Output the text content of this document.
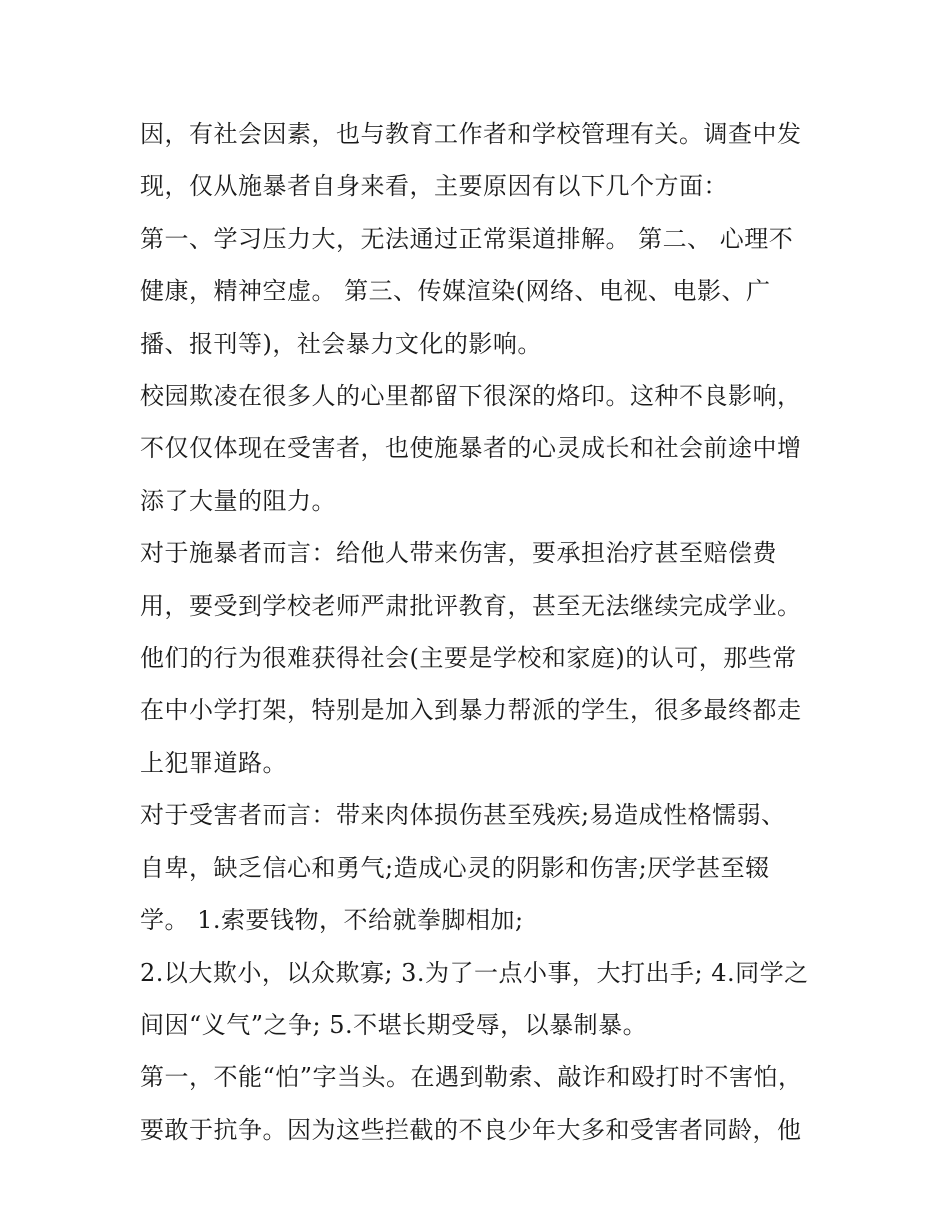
因，有社会因素，也与教育工作者和学校管理有关。调查中发
现，仅从施暴者自身来看，主要原因有以下几个方面：
第一、学习压力大，无法通过正常渠道排解。 第二、 心理不
健康，精神空虚。 第三、传媒渲染(网络、电视、电影、广
播、报刊等)，社会暴力文化的影响。
校园欺凌在很多人的心里都留下很深的烙印。这种不良影响，
不仅仅体现在受害者，也使施暴者的心灵成长和社会前途中增
添了大量的阻力。
对于施暴者而言：给他人带来伤害，要承担治疗甚至赔偿费
用，要受到学校老师严肃批评教育，甚至无法继续完成学业。
他们的行为很难获得社会(主要是学校和家庭)的认可，那些常
在中小学打架，特别是加入到暴力帮派的学生，很多最终都走
上犯罪道路。
对于受害者而言：带来肉体损伤甚至残疾;易造成性格懦弱、
自卑，缺乏信心和勇气;造成心灵的阴影和伤害;厌学甚至辍
学。 1.索要钱物，不给就拳脚相加;
2.以大欺小，以众欺寡; 3.为了一点小事，大打出手; 4.同学之
间因“义气”之争; 5.不堪长期受辱，以暴制暴。
第一，不能“怕”字当头。在遇到勒索、敲诈和殴打时不害怕，
要敢于抗争。因为这些拦截的不良少年大多和受害者同龄，他
